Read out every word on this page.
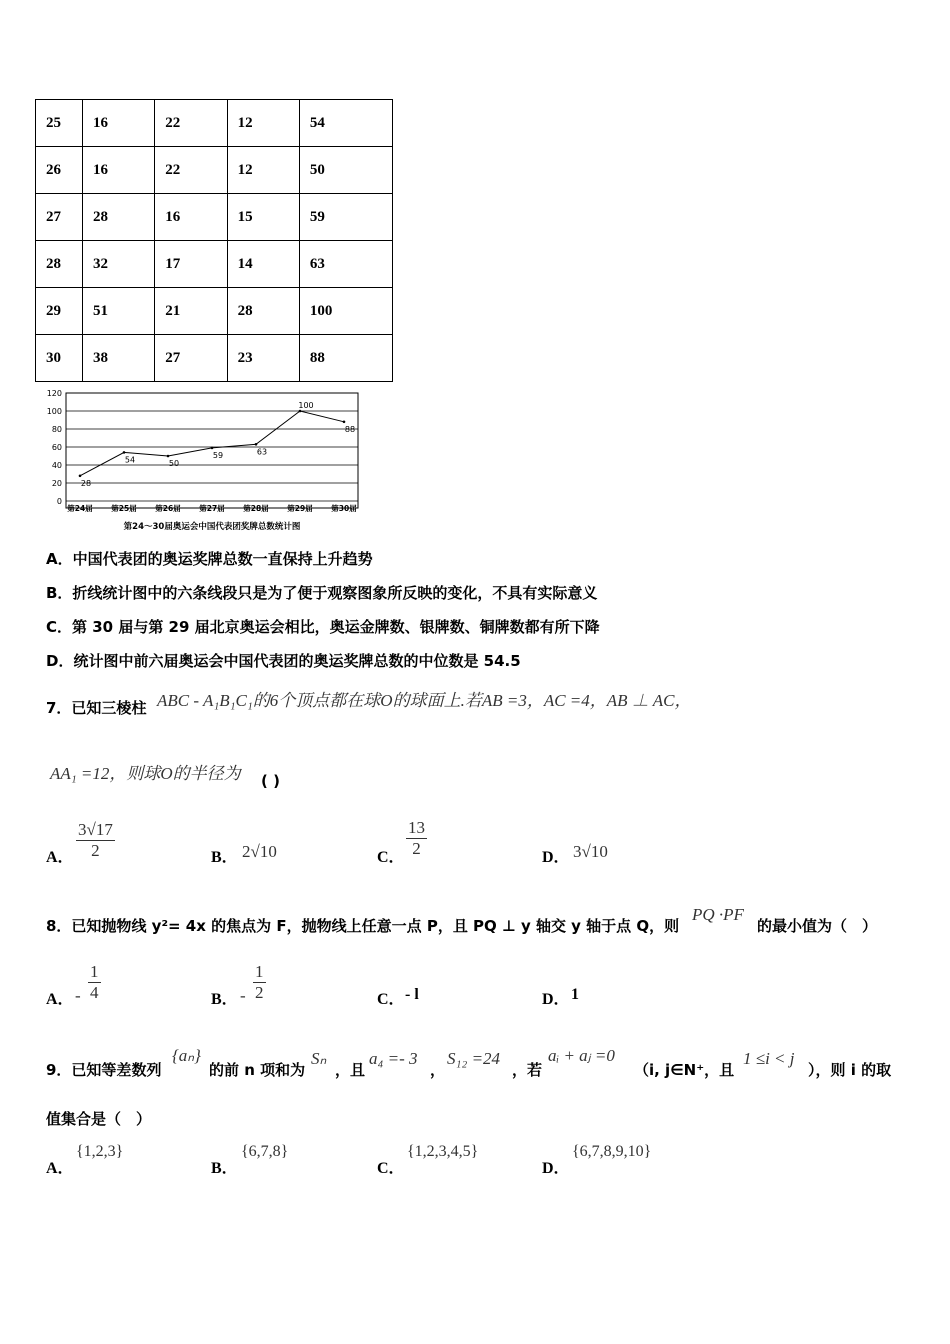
25	16	22	12	54
26	16	22	12	50
27	28	16	15	59
28	32	17	14	63
29	51	21	28	100
30	38	27	23	88
0
20
40
60
80
100
120
第24届 第25届 第26届 第27届 第28届 第29届 第30届
28
54	50
59	63
100
88
第24～30届奥运会中国代表团奖牌总数统计图
A．中国代表团的奥运奖牌总数一直保持上升趋势
B．折线统计图中的六条线段只是为了便于观察图象所反映的变化，不具有实际意义
C．第 30 届与第 29 届北京奥运会相比，奥运金牌数、银牌数、铜牌数都有所下降
D．统计图中前六届奥运会中国代表团的奥运奖牌总数的中位数是 54.5
7．已知三棱柱 ABC - A₁B₁C₁的6个顶点都在球O的球面上.若AB =3，AC =4，AB ⊥ AC，
AA₁ =12，则球O的半径为 ( )
A． $\frac{3√17}{2}$	B． 2√10	C． $\frac{13}{2}$	D． 3√10
8．已知抛物线 y²= 4x 的焦点为 F，抛物线上任意一点 P，且 PQ ⊥ y 轴交 y 轴于点 Q，则
PQ ·PF
的最小值为（　）
A． - $\frac{1}{4}$	B． - $\frac{1}{2}$	C． - l	D． 1
9．已知等差数列
{aₙ}
的前 n 项和为
Sₙ
，且
a₄ =- 3
，
S₁₂ =24
，若
aᵢ + aⱼ =0
（i, j∈N⁺，且
1 ≤i < j
），则 i 的取
值集合是（　）
A．
{1,2,3}
B．
{6,7,8}
C．
{1,2,3,4,5}
D．
{6,7,8,9,10}
